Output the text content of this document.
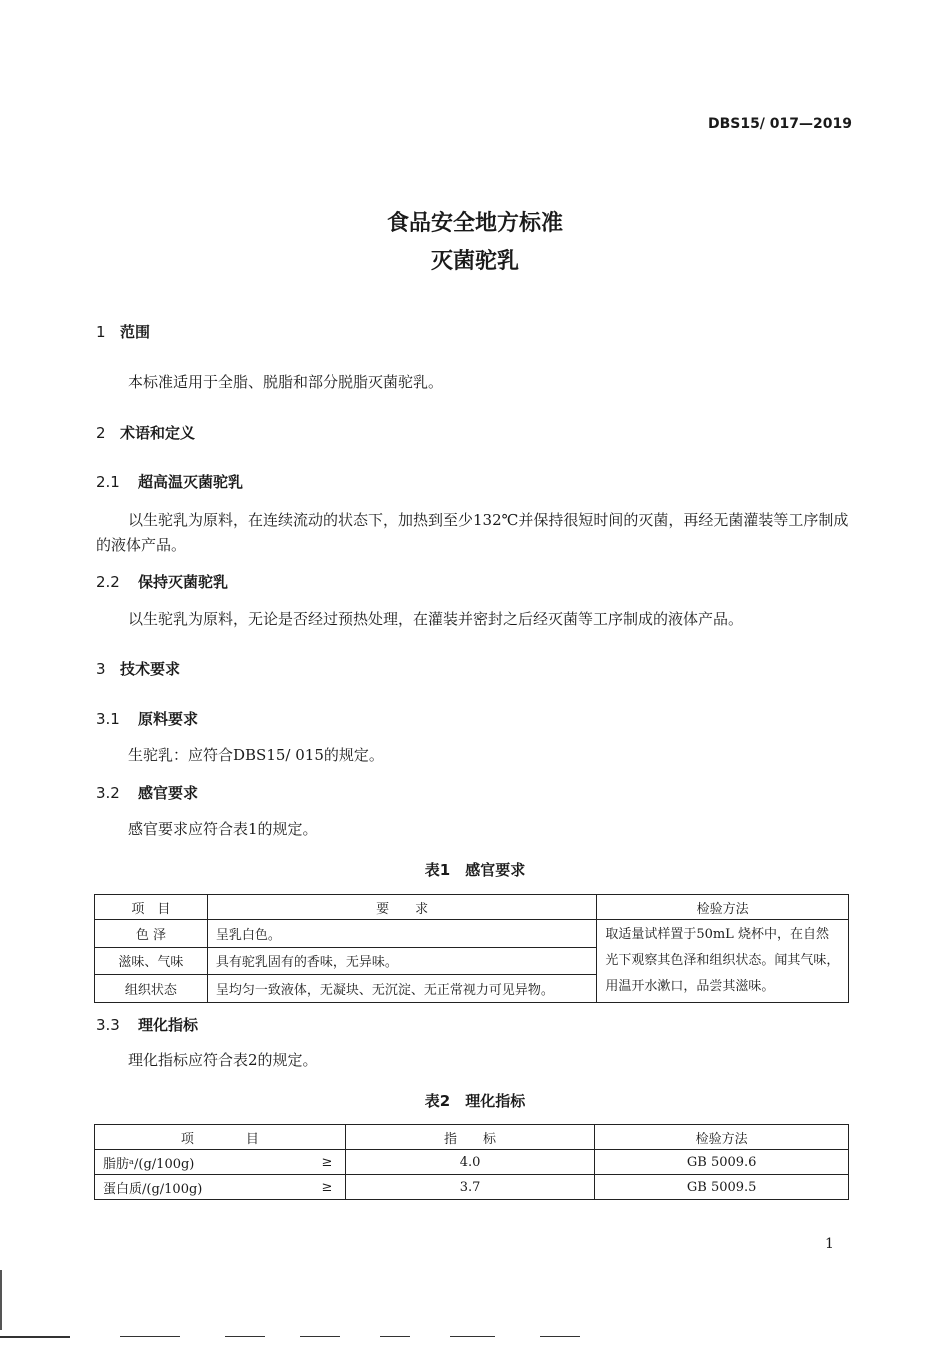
DBS15/ 017—2019
食品安全地方标准
灭菌驼乳
1 范围
本标准适用于全脂、脱脂和部分脱脂灭菌驼乳。
2 术语和定义
2.1 超高温灭菌驼乳
以生驼乳为原料，在连续流动的状态下，加热到至少132℃并保持很短时间的灭菌，再经无菌灌装等工序制成的液体产品。
2.2 保持灭菌驼乳
以生驼乳为原料，无论是否经过预热处理，在灌装并密封之后经灭菌等工序制成的液体产品。
3 技术要求
3.1 原料要求
生驼乳：应符合DBS15/ 015的规定。
3.2 感官要求
感官要求应符合表1的规定。
表1　感官要求
项　目	要　　求	检验方法
色 泽	呈乳白色。	取适量试样置于50mL 烧杯中，在自然光下观察其色泽和组织状态。闻其气味，用温开水漱口，品尝其滋味。
滋味、气味	具有驼乳固有的香味，无异味。	
组织状态	呈均匀一致液体，无凝块、无沉淀、无正常视力可见异物。	
3.3 理化指标
理化指标应符合表2的规定。
表2　理化指标
项　　　　目		指　　标	检验方法
脂肪ᵃ/(g/100g)	≥	4.0	GB 5009.6
蛋白质/(g/100g)	≥	3.7	GB 5009.5
1
